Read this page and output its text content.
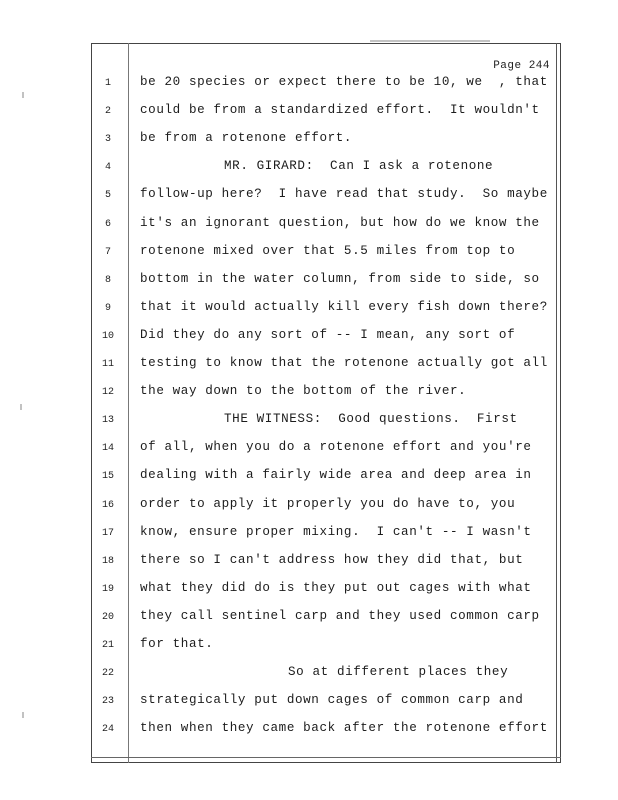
Page 244
1	be 20 species or expect there to be 10, we  , that
2	could be from a standardized effort.  It wouldn't
3	be from a rotenone effort.
4	MR. GIRARD:  Can I ask a rotenone
5	follow-up here?  I have read that study.  So maybe
6	it's an ignorant question, but how do we know the
7	rotenone mixed over that 5.5 miles from top to
8	bottom in the water column, from side to side, so
9	that it would actually kill every fish down there?
10	Did they do any sort of -- I mean, any sort of
11	testing to know that the rotenone actually got all
12	the way down to the bottom of the river.
13	THE WITNESS:  Good questions.  First
14	of all, when you do a rotenone effort and you're
15	dealing with a fairly wide area and deep area in
16	order to apply it properly you do have to, you
17	know, ensure proper mixing.  I can't -- I wasn't
18	there so I can't address how they did that, but
19	what they did do is they put out cages with what
20	they call sentinel carp and they used common carp
21	for that.
22	So at different places they
23	strategically put down cages of common carp and
24	then when they came back after the rotenone effort
